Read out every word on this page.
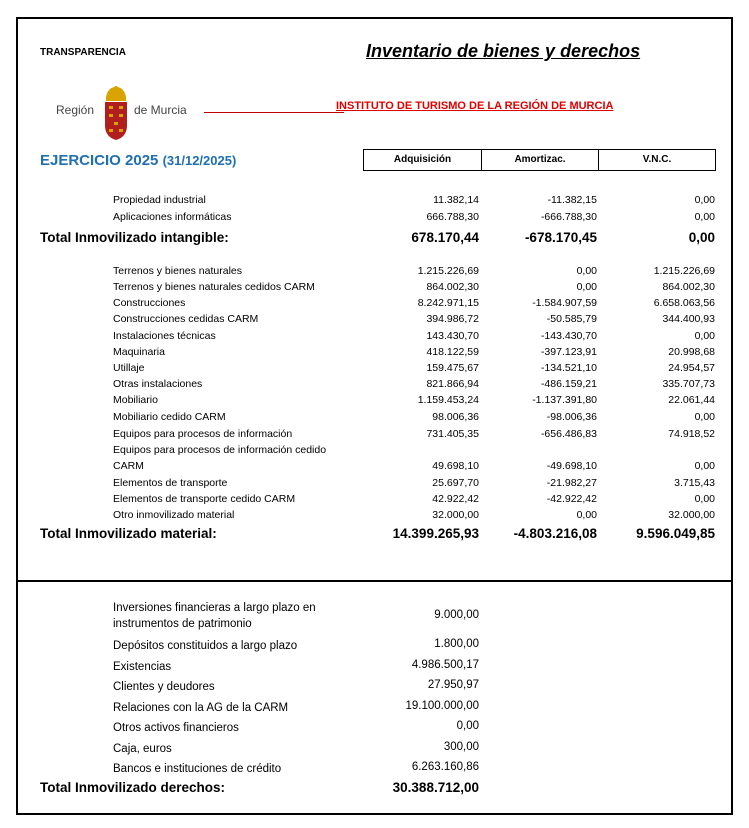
TRANSPARENCIA	Inventario de bienes y derechos
Región	de Murcia	INSTITUTO DE TURISMO DE LA REGIÓN DE MURCIA
EJERCICIO 2025 (31/12/2025)	Adquisición	Amortizac.	V.N.C.
Propiedad industrial	11.382,14	-11.382,15	0,00
Aplicaciones informáticas	666.788,30	-666.788,30	0,00
Total Inmovilizado intangible:	678.170,44	-678.170,45	0,00
Terrenos y bienes naturales	1.215.226,69	0,00	1.215.226,69
Terrenos y bienes naturales cedidos CARM	864.002,30	0,00	864.002,30
Construcciones	8.242.971,15	-1.584.907,59	6.658.063,56
Construcciones cedidas CARM	394.986,72	-50.585,79	344.400,93
Instalaciones técnicas	143.430,70	-143.430,70	0,00
Maquinaria	418.122,59	-397.123,91	20.998,68
Utillaje	159.475,67	-134.521,10	24.954,57
Otras instalaciones	821.866,94	-486.159,21	335.707,73
Mobiliario	1.159.453,24	-1.137.391,80	22.061,44
Mobiliario cedido CARM	98.006,36	-98.006,36	0,00
Equipos para procesos de información	731.405,35	-656.486,83	74.918,52
Equipos para procesos de información cedido
CARM	49.698,10	-49.698,10	0,00
Elementos de transporte	25.697,70	-21.982,27	3.715,43
Elementos de transporte cedido CARM	42.922,42	-42.922,42	0,00
Otro inmovilizado material	32.000,00	0,00	32.000,00
Total Inmovilizado material:	14.399.265,93	-4.803.216,08	9.596.049,85
Inversiones financieras a largo plazo en
instrumentos de patrimonio
9.000,00
Depósitos constituidos a largo plazo	1.800,00
Existencias	4.986.500,17
Clientes y deudores	27.950,97
Relaciones con la AG de la CARM	19.100.000,00
Otros activos financieros	0,00
Caja, euros	300,00
Bancos e instituciones de crédito	6.263.160,86
Total Inmovilizado derechos:	30.388.712,00
